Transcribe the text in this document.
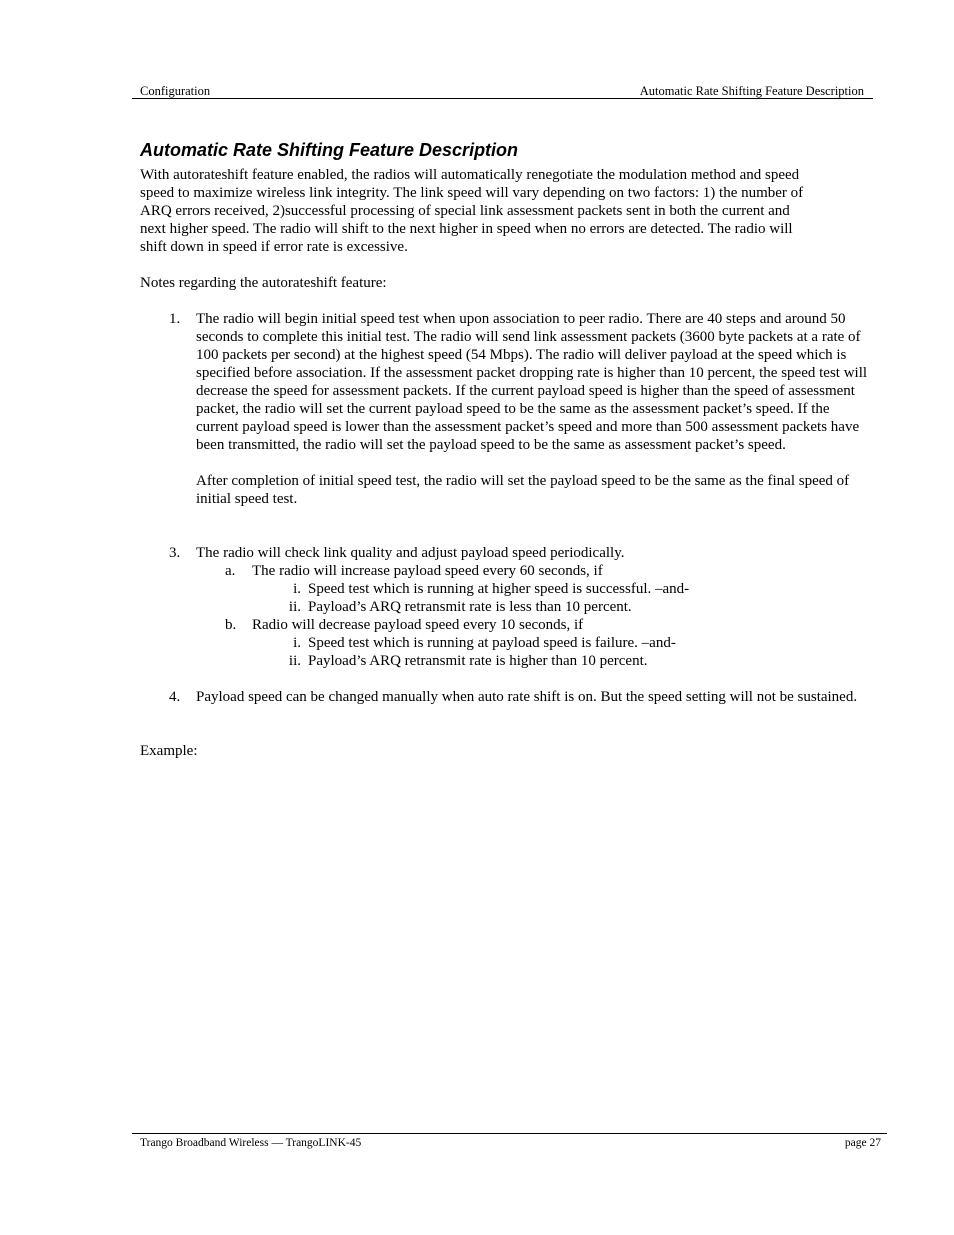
Configuration	Automatic Rate Shifting Feature Description
Automatic Rate Shifting Feature Description
With autorateshift feature enabled, the radios will automatically renegotiate the modulation method and speed
speed to maximize wireless link integrity. The link speed will vary depending on two factors: 1) the number of
ARQ errors received, 2)successful processing of special link assessment packets sent in both the current and
next higher speed. The radio will shift to the next higher in speed when no errors are detected. The radio will
shift down in speed if error rate is excessive.
Notes regarding the autorateshift feature:
1. The radio will begin initial speed test when upon association to peer radio. There are 40 steps and around 50
seconds to complete this initial test. The radio will send link assessment packets (3600 byte packets at a rate of
100 packets per second) at the highest speed (54 Mbps). The radio will deliver payload at the speed which is
specified before association. If the assessment packet dropping rate is higher than 10 percent, the speed test will
decrease the speed for assessment packets. If the current payload speed is higher than the speed of assessment
packet, the radio will set the current payload speed to be the same as the assessment packet’s speed. If the
current payload speed is lower than the assessment packet’s speed and more than 500 assessment packets have
been transmitted, the radio will set the payload speed to be the same as assessment packet’s speed.
After completion of initial speed test, the radio will set the payload speed to be the same as the final speed of
initial speed test.
3. The radio will check link quality and adjust payload speed periodically.
a. The radio will increase payload speed every 60 seconds, if
i. Speed test which is running at higher speed is successful. –and-
ii. Payload’s ARQ retransmit rate is less than 10 percent.
b. Radio will decrease payload speed every 10 seconds, if
i. Speed test which is running at payload speed is failure. –and-
ii. Payload’s ARQ retransmit rate is higher than 10 percent.
4. Payload speed can be changed manually when auto rate shift is on. But the speed setting will not be sustained.
Example:
Trango Broadband Wireless — TrangoLINK-45	page 27
